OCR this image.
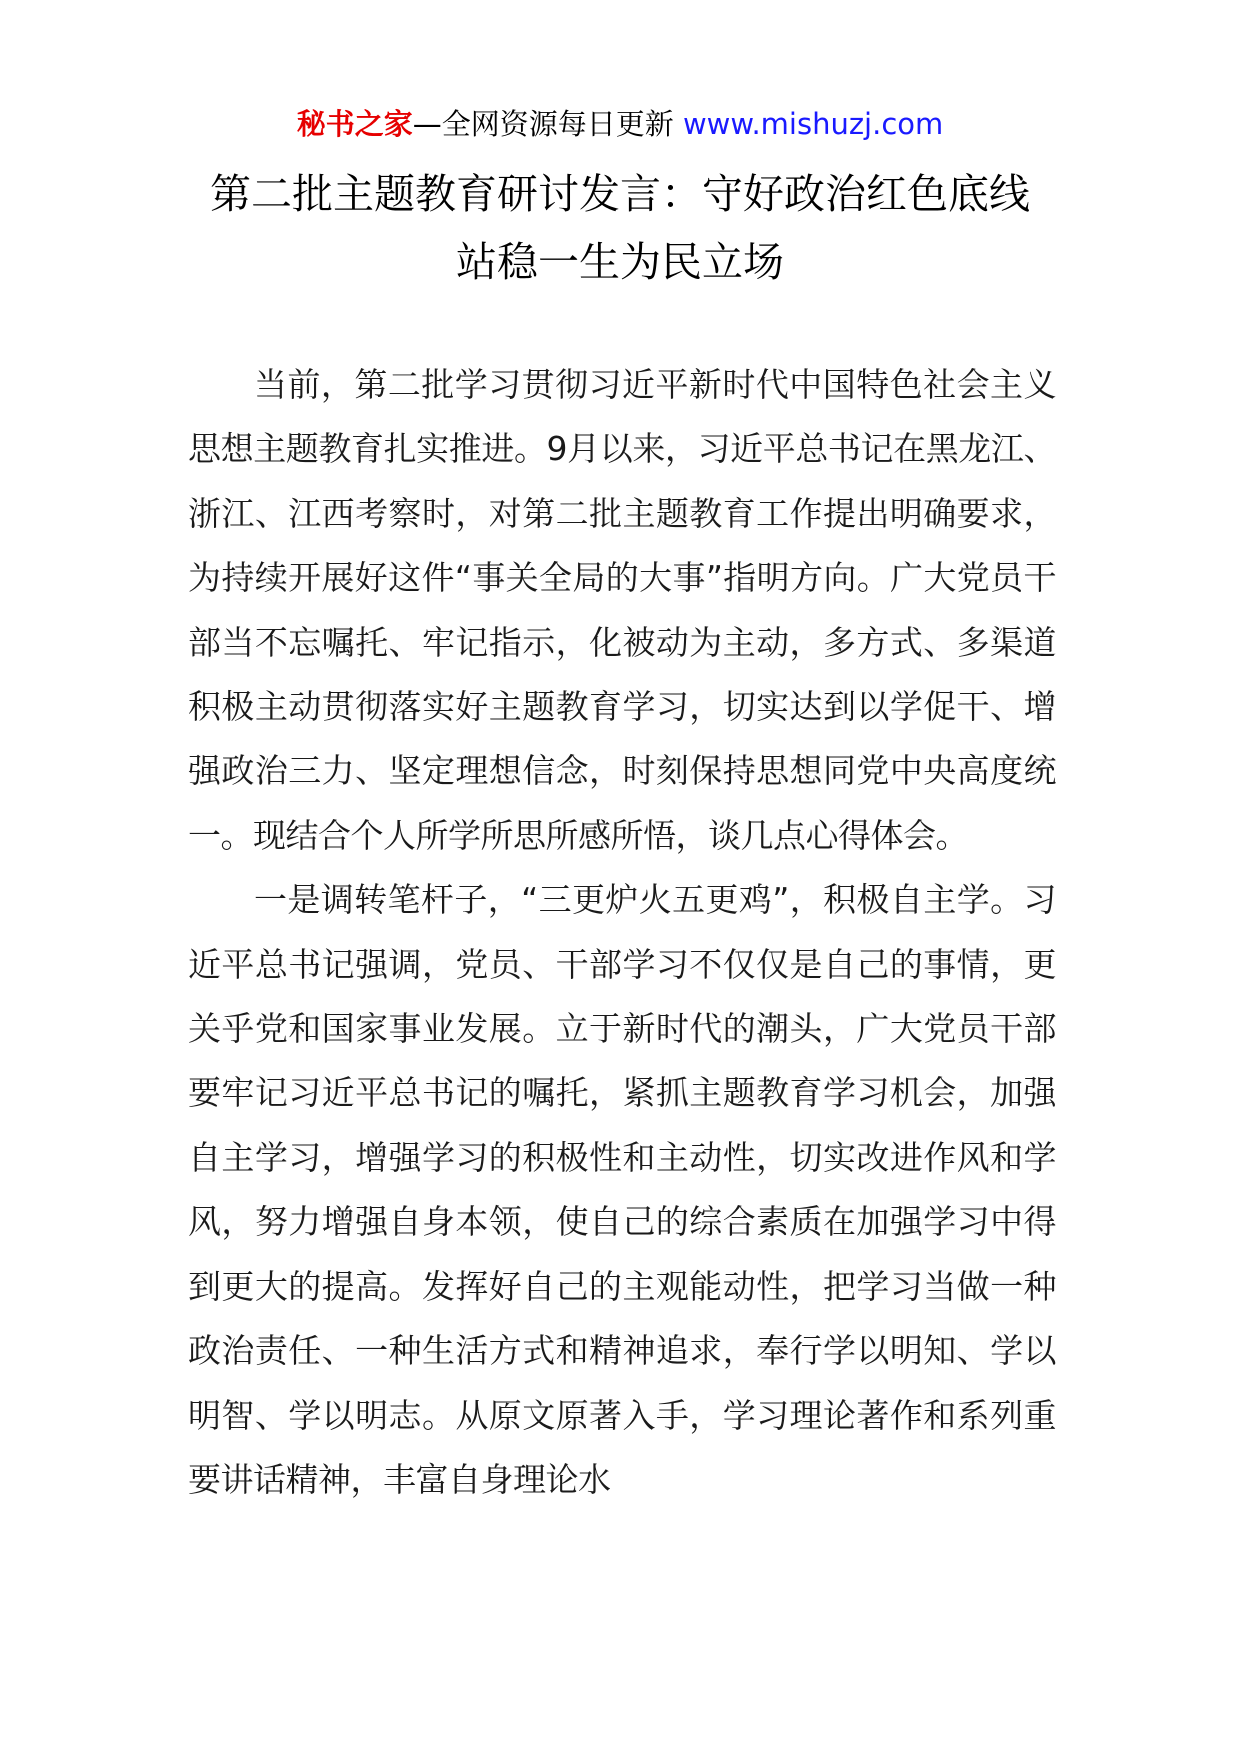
秘书之家—全网资源每日更新 www.mishuzj.com
第二批主题教育研讨发言：守好政治红色底线
站稳一生为民立场

当前，第二批学习贯彻习近平新时代中国特色社会主义思想主题教育扎实推进。9月以来，习近平总书记在黑龙江、浙江、江西考察时，对第二批主题教育工作提出明确要求，为持续开展好这件“事关全局的大事”指明方向。广大党员干部当不忘嘱托、牢记指示，化被动为主动，多方式、多渠道积极主动贯彻落实好主题教育学习，切实达到以学促干、增强政治三力、坚定理想信念，时刻保持思想同党中央高度统一。现结合个人所学所思所感所悟，谈几点心得体会。

一是调转笔杆子，“三更炉火五更鸡”，积极自主学。习近平总书记强调，党员、干部学习不仅仅是自己的事情，更关乎党和国家事业发展。立于新时代的潮头，广大党员干部要牢记习近平总书记的嘱托，紧抓主题教育学习机会，加强自主学习，增强学习的积极性和主动性，切实改进作风和学风，努力增强自身本领，使自己的综合素质在加强学习中得到更大的提高。发挥好自己的主观能动性，把学习当做一种政治责任、一种生活方式和精神追求，奉行学以明知、学以明智、学以明志。从原文原著入手，学习理论著作和系列重要讲话精神，丰富自身理论水
